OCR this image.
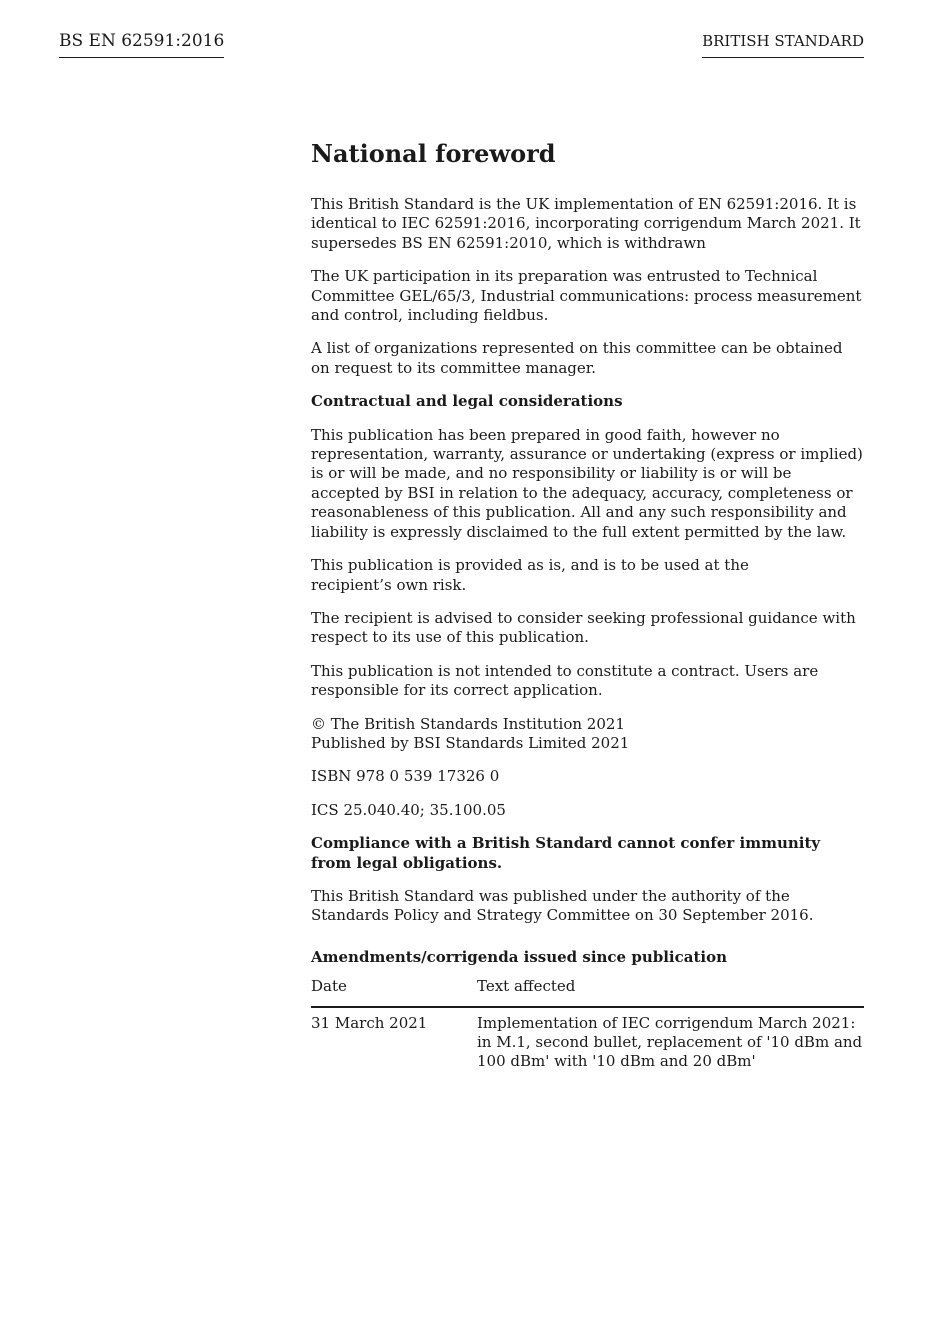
BS EN 62591:2016	BRITISH STANDARD
National foreword

This British Standard is the UK implementation of EN 62591:2016. It is identical to IEC 62591:2016, incorporating corrigendum March 2021. It supersedes BS EN 62591:2010, which is withdrawn

The UK participation in its preparation was entrusted to Technical Committee GEL/65/3, Industrial communications: process measurement and control, including fieldbus.

A list of organizations represented on this committee can be obtained on request to its committee manager.

Contractual and legal considerations

This publication has been prepared in good faith, however no representation, warranty, assurance or undertaking (express or implied) is or will be made, and no responsibility or liability is or will be accepted by BSI in relation to the adequacy, accuracy, completeness or reasonableness of this publication. All and any such responsibility and liability is expressly disclaimed to the full extent permitted by the law.

This publication is provided as is, and is to be used at the
recipient’s own risk.

The recipient is advised to consider seeking professional guidance with respect to its use of this publication.

This publication is not intended to constitute a contract. Users are responsible for its correct application.

© The British Standards Institution 2021
Published by BSI Standards Limited 2021

ISBN 978 0 539 17326 0

ICS 25.040.40; 35.100.05

Compliance with a British Standard cannot confer immunity from legal obligations.

This British Standard was published under the authority of the
Standards Policy and Strategy Committee on 30 September 2016.

Amendments/corrigenda issued since publication
Date	Text affected
31 March 2021	Implementation of IEC corrigendum March 2021: in M.1, second bullet, replacement of '10 dBm and 100 dBm' with '10 dBm and 20 dBm'
